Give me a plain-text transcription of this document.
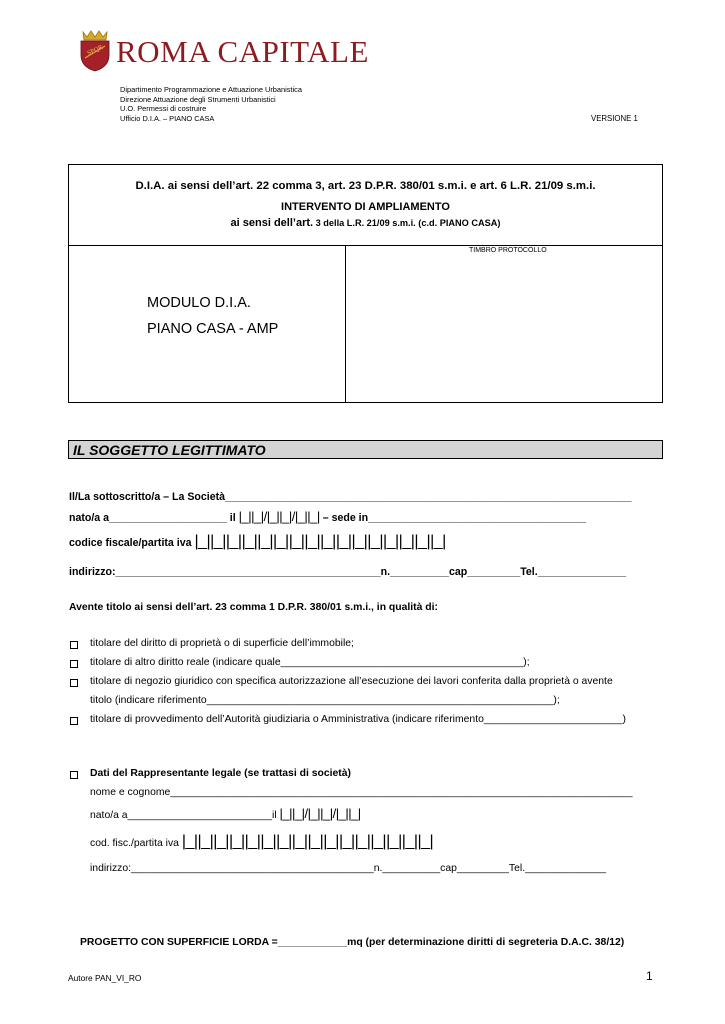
SPQR ROMA CAPITALE
Dipartimento Programmazione e Attuazione Urbanistica
Direzione Attuazione degli Strumenti Urbanistici
U.O. Permessi di costruire
Ufficio D.I.A. – PIANO CASA	VERSIONE 1
D.I.A. ai sensi dell’art. 22 comma 3, art. 23 D.P.R. 380/01 s.m.i. e art. 6 L.R. 21/09 s.m.i.
INTERVENTO DI AMPLIAMENTO
ai sensi dell’art. 3 della L.R. 21/09 s.m.i. (c.d. PIANO CASA)
MODULO D.I.A.
PIANO CASA - AMP
TIMBRO PROTOCOLLO
IL SOGGETTO LEGITTIMATO
Il/La sottoscritto/a – La Società_____________________________________________________________________
nato/a a____________________ il |_||_|/|_||_|/|_||_| – sede in_____________________________________
codice fiscale/partita iva |_||_||_||_||_||_||_||_||_||_||_||_||_||_||_||_|
indirizzo:_____________________________________________n.__________cap_________Tel._______________
Avente titolo ai sensi dell’art. 23 comma 1 D.P.R. 380/01 s.m.i., in qualità di:
titolare del diritto di proprietà o di superficie dell’immobile;
titolare di altro diritto reale (indicare quale__________________________________________);
titolare di negozio giuridico con specifica autorizzazione all’esecuzione dei lavori conferita dalla proprietà o avente
titolo (indicare riferimento____________________________________________________________);
titolare di provvedimento dell’Autorità giudiziaria o Amministrativa (indicare riferimento________________________)
Dati del Rappresentante legale (se trattasi di società)
nome e cognome________________________________________________________________________________
nato/a a_________________________il |_||_|/|_||_|/|_||_|
cod. fisc./partita iva |_||_||_||_||_||_||_||_||_||_||_||_||_||_||_||_|
indirizzo:__________________________________________n.__________cap_________Tel.______________
PROGETTO CON SUPERFICIE LORDA =____________mq (per determinazione diritti di segreteria D.A.C. 38/12)
Autore PAN_VI_RO	1
